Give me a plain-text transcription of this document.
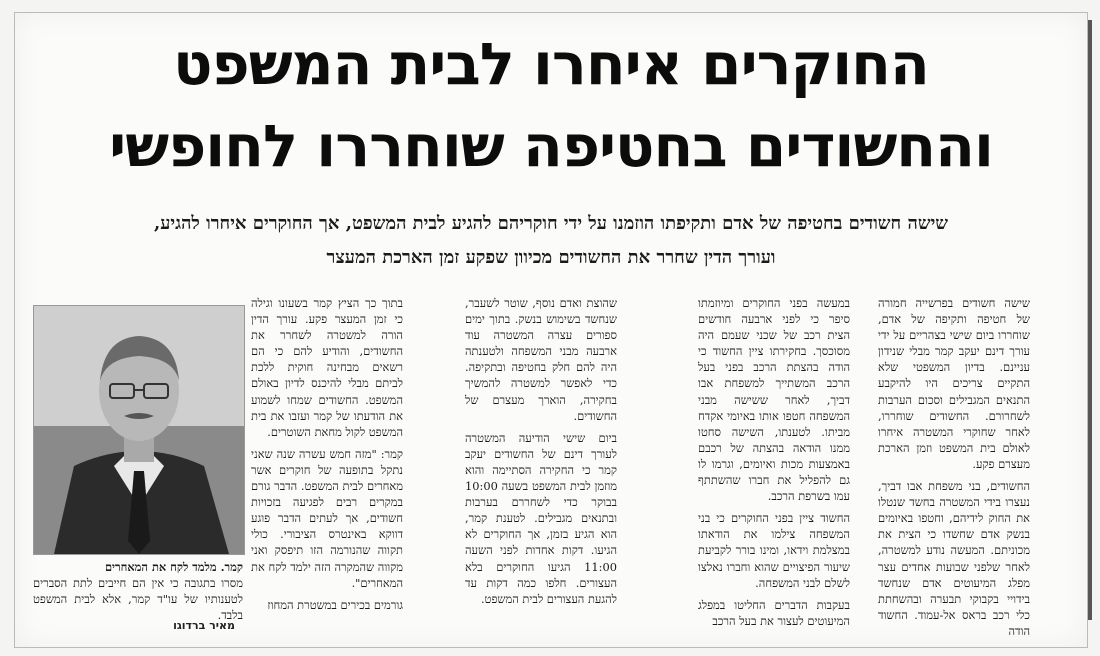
החוקרים איחרו לבית המשפט
והחשודים בחטיפה שוחררו לחופשי
שישה חשודים בחטיפה של אדם ותקיפתו הוזמנו על ידי חוקריהם להגיע לבית המשפט, אך החוקרים איחרו להגיע,
ועורך הדין שחרר את החשודים מכיוון שפקע זמן הארכת המעצר

שישה חשודים בפרשייה חמורה של חטיפה ותקיפה של אדם, שוחררו ביום שישי בצהריים על ידי עורך דינם יעקב קמר מבלי שנידון עניינם. בדיון המשפטי שלא התקיים צריכים היו להיקבע התנאים המגבילים וסכום הערבות לשחרורם. החשודים שוחררו, לאחר שחוקרי המשטרה איחרו לאולם בית המשפט וזמן הארכת מעצרם פקע.

החשודים, בני משפחת אבו דביך, נעצרו בידי המשטרה בחשד שנטלו את החוק לידיהם, וחטפו באיומים בנשק אדם שחשדו כי הצית את מכוניתם. המעשה נודע למשטרה, לאחר שלפני שבועות אחדים עצר מפלג המיעוטים אדם שנחשד בידויי בקבוקי תבערה ובהשחתת כלי רכב בראס אל-עמוד. החשוד הודה

במעשה בפני החוקרים ומיוזמתו סיפר כי לפני ארבעה חודשים הצית רכב של שכני שעמם היה מסוכסך. בחקירתו ציין החשוד כי הודה בהצתת הרכב בפני בעל הרכב המשתייך למשפחת אבו דביך, לאחר ששישה מבני המשפחה חטפו אותו באיומי אקדח מביתו. לטענתו, השישה סחטו ממנו הודאה בהצתה של רכבם באמצעות מכות ואיומים, וגרמו לו גם להפליל את חברו שהשתתף עמו בשרפת הרכב.

החשוד ציין בפני החוקרים כי בני המשפחה צילמו את הודאתו במצלמת וידאו, ומינו בורר לקביעת שיעור הפיצויים שהוא וחברו נאלצו לשלם לבני המשפחה.

בעקבות הדברים החליטו במפלג המיעוטים לעצור את בעל הרכב

שהוצת ואדם נוסף, שוטר לשעבר, שנחשד בשימוש בנשק. בתוך ימים ספורים עצרה המשטרה עוד ארבעה מבני המשפחה ולטענתה היה להם חלק בחטיפה ובתקיפה. כדי לאפשר למשטרה להמשיך בחקירה, הוארך מעצרם של החשודים.

ביום שישי הודיעה המשטרה לעורך דינם של החשודים יעקב קמר כי החקירה הסתיימה והוא מוזמן לבית המשפט בשעה 10:00 בבוקר כדי לשחררם בערבות ובתנאים מגבילים. לטענת קמר, הוא הגיע בזמן, אך החוקרים לא הגיעו. דקות אחדות לפני השעה 11:00 הגיעו החוקרים בלא העצורים. חלפו כמה דקות עד להגעת העצורים לבית המשפט.

בתוך כך הציץ קמר בשעונו וגילה כי זמן המעצר פקע. עורך הדין הורה למשטרה לשחרר את החשודים, והודיע להם כי הם רשאים מבחינה חוקית ללכת לביתם מבלי להיכנס לדיון באולם המשפט. החשודים שמחו לשמוע את הודעתו של קמר ועזבו את בית המשפט לקול מחאת השוטרים.

קמר: "מזה חמש עשרה שנה שאני נתקל בתופעה של חוקרים אשר מאחרים לבית המשפט. הדבר גורם במקרים רבים לפגיעה בזכויות חשודים, אך לעתים הדבר פוגע דווקא באינטרס הציבורי. כולי תקווה שהנורמה הזו תיפסק ואני מקווה שהמקרה הזה ילמד לקח את המאחרים".

גורמים בכירים במשטרת המחוז

קמר. מלמד לקח את המאחרים
מסרו בתגובה כי אין הם חייבים לתת הסברים לטענותיו של עו"ד קמר, אלא לבית המשפט בלבד.
מאיר ברדוגו
